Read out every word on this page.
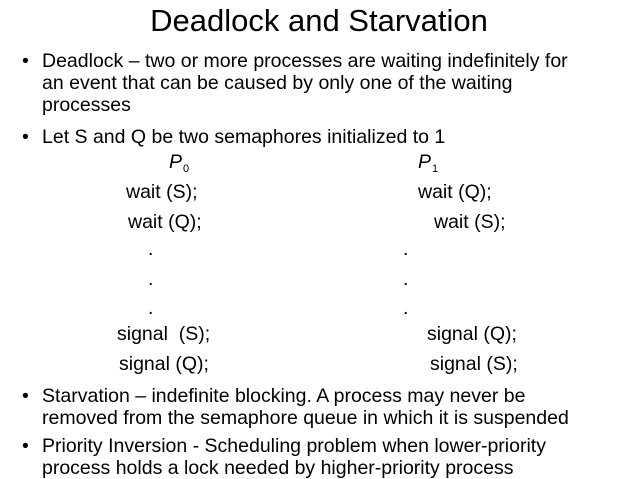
Deadlock and Starvation
• Deadlock – two or more processes are waiting indefinitely for
an event that can be caused by only one of the waiting
processes
• Let S and Q be two semaphores initialized to 1
$P_0$
wait (S);
wait (Q);
.
.
.
signal  (S);
signal (Q);
$P_1$
wait (Q);
wait (S);
.
.
.
signal (Q);
signal (S);
• Starvation – indefinite blocking. A process may never be
removed from the semaphore queue in which it is suspended
• Priority Inversion - Scheduling problem when lower-priority
process holds a lock needed by higher-priority process
